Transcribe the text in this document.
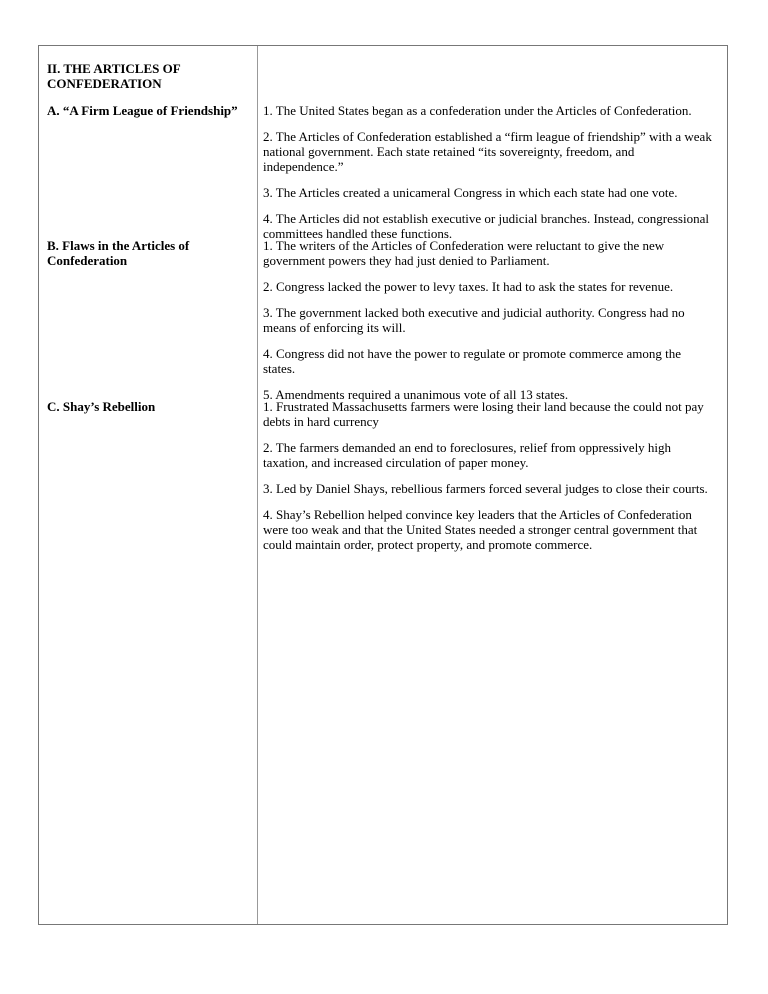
II. THE ARTICLES OF CONFEDERATION
A. “A Firm League of Friendship”	1. The United States began as a confederation under the Articles of Confederation.

2. The Articles of Confederation established a “firm league of friendship” with a weak national government. Each state retained “its sovereignty, freedom, and independence.”

3. The Articles created a unicameral Congress in which each state had one vote.

4. The Articles did not establish executive or judicial branches. Instead, congressional committees handled these functions.

B. Flaws in the Articles of Confederation

1. The writers of the Articles of Confederation were reluctant to give the new government powers they had just denied to Parliament.

2. Congress lacked the power to levy taxes. It had to ask the states for revenue.

3. The government lacked both executive and judicial authority. Congress had no means of enforcing its will.

4. Congress did not have the power to regulate or promote commerce among the states.

5. Amendments required a unanimous vote of all 13 states.

C. Shay’s Rebellion	1. Frustrated Massachusetts farmers were losing their land because the could not pay debts in hard currency

2. The farmers demanded an end to foreclosures, relief from oppressively high taxation, and increased circulation of paper money.

3. Led by Daniel Shays, rebellious farmers forced several judges to close their courts.

4. Shay’s Rebellion helped convince key leaders that the Articles of Confederation were too weak and that the United States needed a stronger central government that could maintain order, protect property, and promote commerce.
